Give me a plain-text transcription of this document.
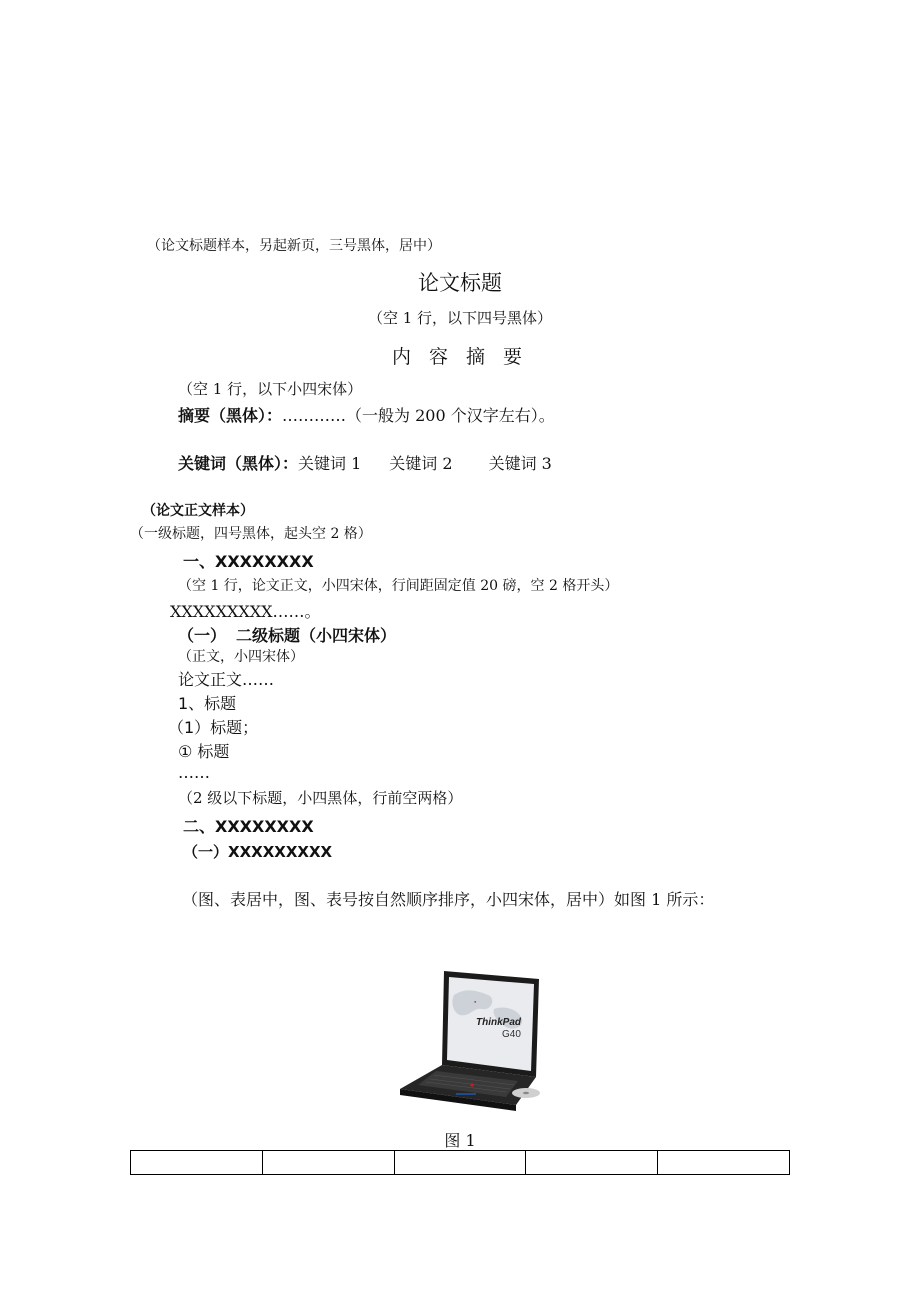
（论文标题样本，另起新页，三号黑体，居中）
论文标题
（空 1 行，以下四号黑体）
内 容 摘 要
（空 1 行，以下小四宋体）
摘要（黑体）：…………（一般为 200 个汉字左右）。
关键词（黑体）：关键词 1 关键词 2 关键词 3
（论文正文样本）
（一级标题，四号黑体，起头空 2 格）
一、XXXXXXXX
（空 1 行，论文正文，小四宋体，行间距固定值 20 磅，空 2 格开头）
XXXXXXXXX……。
（一） 二级标题（小四宋体）
（正文，小四宋体）
论文正文……
1、标题
（1）标题；
① 标题
……
（2 级以下标题，小四黑体，行前空两格）
二、XXXXXXXX
（一）XXXXXXXXX
（图、表居中，图、表号按自然顺序排序，小四宋体，居中）如图 1 所示：
●
ThinkPad
G40
图 1
